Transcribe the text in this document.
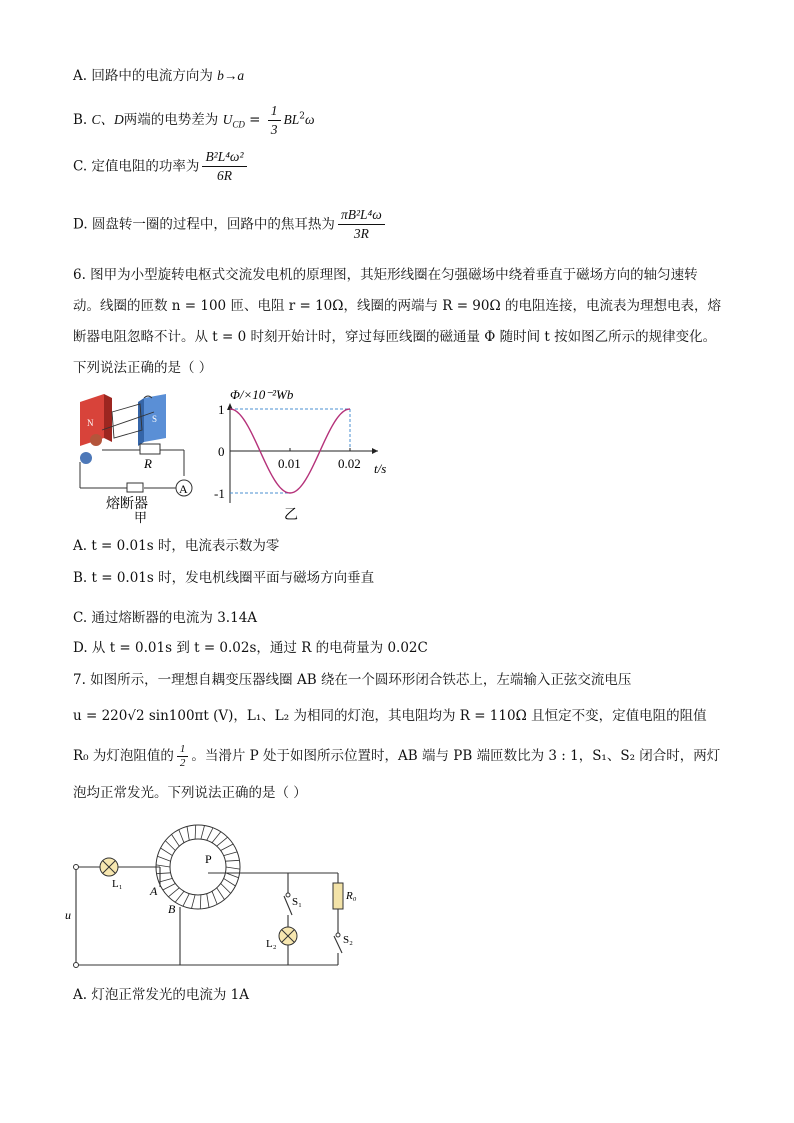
A. 回路中的电流方向为 b→a
B. C、D两端的电势差为 $U_{CD} = \frac{1}{3} BL^2\omega$
C. 定值电阻的功率为 $\frac{\text{B²L⁴ω²}}{6R}$
D. 圆盘转一圈的过程中，回路中的焦耳热为 $\frac{\text{πB²L⁴ω}}{3R}$
6. 图甲为小型旋转电枢式交流发电机的原理图，其矩形线圈在匀强磁场中绕着垂直于磁场方向的轴匀速转
动。线圈的匝数 n = 100 匝、电阻 r = 10Ω，线圈的两端与 R = 90Ω 的电阻连接，电流表为理想电表，熔
断器电阻忽略不计。从 t = 0 时刻开始计时，穿过每匝线圈的磁通量 Φ 随时间 t 按如图乙所示的规律变化。
下列说法正确的是（ ）
N	S
R
A
熔断器
甲
Φ/×10⁻²Wb
t/s
乙
0.01	0.02
1
0
-1
A. t = 0.01s 时，电流表示数为零
B. t = 0.01s 时，发电机线圈平面与磁场方向垂直
C. 通过熔断器的电流为 3.14A
D. 从 t = 0.01s 到 t = 0.02s，通过 R 的电荷量为 0.02C
7. 如图所示，一理想自耦变压器线圈 AB 绕在一个圆环形闭合铁芯上，左端输入正弦交流电压
u = 220√2 sin100πt (V)，L₁、L₂ 为相同的灯泡，其电阻均为 R = 110Ω 且恒定不变，定值电阻的阻值
R₀ 为灯泡阻值的 $\frac{1}{2}$ 。当滑片 P 处于如图所示位置时，AB 端与 PB 端匝数比为 3 : 1，S₁、S₂ 闭合时，两灯
泡均正常发光。下列说法正确的是（ ）
u
L₁ A
B
P
L₂
S₁	R₀
S₂
A. 灯泡正常发光的电流为 1A
